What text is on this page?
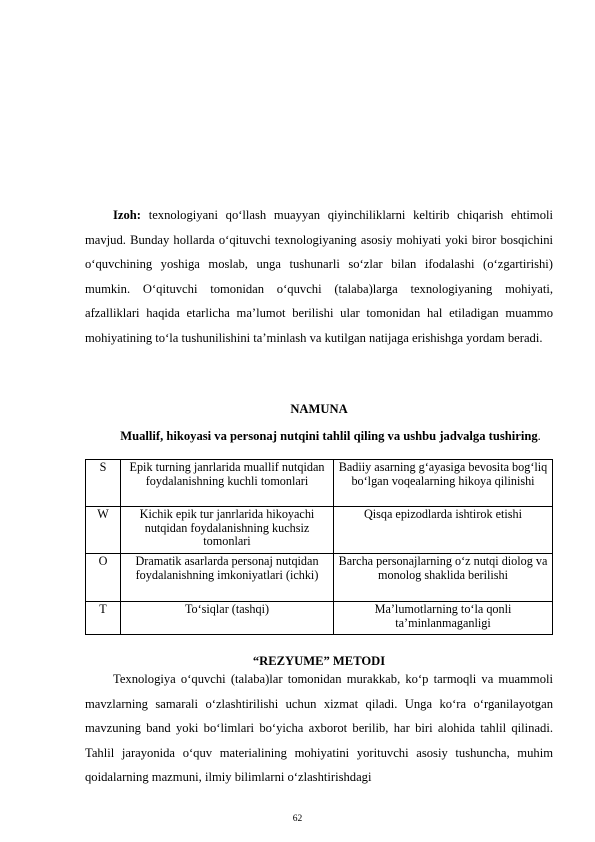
Izoh: texnologiyani qo‘llash muayyan qiyinchiliklarni keltirib chiqarish ehtimoli mavjud. Bunday hollarda o‘qituvchi texnologiyaning asosiy mohiyati yoki biror bosqichini o‘quvchining yoshiga moslab, unga tushunarli so‘zlar bilan ifodalashi (o‘zgartirishi) mumkin. O‘qituvchi tomonidan o‘quvchi (talaba)larga texnologiyaning mohiyati, afzalliklari haqida etarlicha ma’lumot berilishi ular tomonidan hal etiladigan muammo mohiyatining to‘la tushunilishini ta’minlash va kutilgan natijaga erishishga yordam beradi.

NAMUNA

Muallif, hikoyasi va personaj nutqini tahlil qiling va ushbu jadvalga tushiring.

S	Epik turning janrlarida muallif nutqidan foydalanishning kuchli tomonlari	Badiiy asarning g‘ayasiga bevosita bog‘liq bo‘lgan voqealarning hikoya qilinishi
W	Kichik epik tur janrlarida hikoyachi nutqidan foydalanishning kuchsiz tomonlari	Qisqa epizodlarda ishtirok etishi
O	Dramatik asarlarda personaj nutqidan foydalanishning imkoniyatlari (ichki)	Barcha personajlarning o‘z nutqi diolog va monolog shaklida berilishi
T	To‘siqlar (tashqi)	Ma’lumotlarning to‘la qonli ta’minlanmaganligi

“REZYUME” METODI

Texnologiya o‘quvchi (talaba)lar tomonidan murakkab, ko‘p tarmoqli va muammoli mavzlarning samarali o‘zlashtirilishi uchun xizmat qiladi. Unga ko‘ra o‘rganilayotgan mavzuning band yoki bo‘limlari bo‘yicha axborot berilib, har biri alohida tahlil qilinadi. Tahlil jarayonida o‘quv materialining mohiyatini yorituvchi asosiy tushuncha, muhim qoidalarning mazmuni, ilmiy bilimlarni o‘zlashtirishdagi

62
